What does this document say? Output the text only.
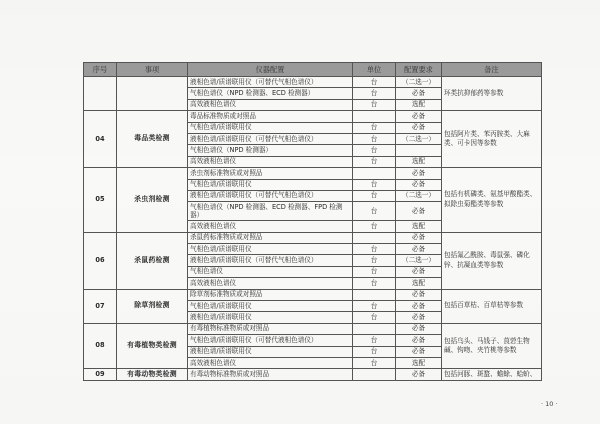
序号	事项	仪器配置	单位	配置要求	备注
		液相色谱/质谱联用仪（可替代气相色谱仪）	台	（二选一）	环类抗抑郁药等参数
		气相色谱仪（NPD 检测器、ECD 检测器）	台	必备	
		高效液相色谱仪	台	选配	
04	毒品类检测	毒品标准物质或对照品		必备	包括阿片类、苯丙胺类、大麻类、可卡因等参数
		气相色谱/质谱联用仪	台	必备	
		液相色谱/质谱联用仪（可替代气相色谱仪）	台	（二选一）	
		气相色谱仪（NPD 检测器）	台		
		高效液相色谱仪	台	选配	
05	杀虫剂检测	杀虫剂标准物质或对照品		必备	包括有机磷类、氨基甲酸酯类、拟除虫菊酯类等参数
		气相色谱/质谱联用仪	台	必备	
		液相色谱/质谱联用仪（可替代气相色谱仪）	台	（二选一）	
		气相色谱仪（NPD 检测器、ECD 检测器、FPD 检测器）	台	必备	
		高效液相色谱仪	台	选配	
06	杀鼠药检测	杀鼠药标准物质或对照品		必备	包括氟乙酰胺、毒鼠强、磷化锌、抗凝血类等参数
		气相色谱/质谱联用仪	台	必备	
		液相色谱/质谱联用仪（可替代气相色谱仪）	台	（二选一）	
		气相色谱仪	台	必备	
		高效液相色谱仪	台	选配	
07	除草剂检测	除草剂标准物质或对照品		必备	包括百草枯、百草枯等参数
		气相色谱/质谱联用仪	台	必备	
		液相色谱/质谱联用仪	台	必备	
08	有毒植物类检测	有毒植物标准物质或对照品		必备	包括乌头、马钱子、莨菪生物碱、钩吻、夹竹桃等参数
		气相色谱/质谱联用仪（可替代液相色谱仪）	台	必备	
		液相色谱/质谱联用仪	台	必备	
		高效液相色谱仪	台	选配	
09	有毒动物类检测	有毒动物标准物质或对照品		必备	包括河豚、斑蝥、蟾蜍、蛤蚧、
· 10 ·
